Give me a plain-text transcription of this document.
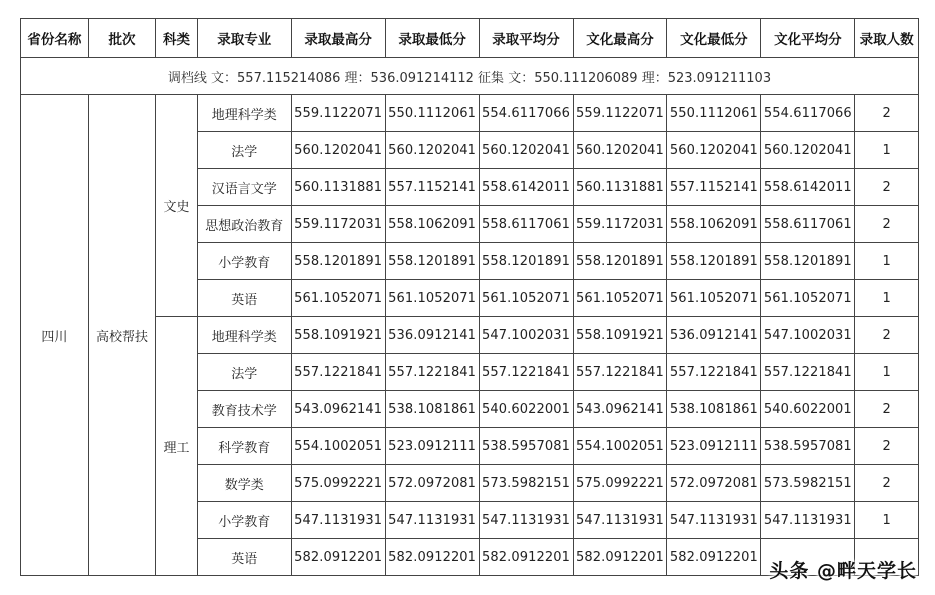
省份名称	批次	科类	录取专业	录取最高分	录取最低分	录取平均分	文化最高分	文化最低分	文化平均分	录取人数
调档线 文：557.115214086 理：536.091214112 征集 文：550.111206089 理：523.091211103										
四川	高校帮扶	文史	地理科学类	559.1122071	550.1112061	554.6117066	559.1122071	550.1112061	554.6117066	2
			法学	560.1202041	560.1202041	560.1202041	560.1202041	560.1202041	560.1202041	1
			汉语言文学	560.1131881	557.1152141	558.6142011	560.1131881	557.1152141	558.6142011	2
			思想政治教育	559.1172031	558.1062091	558.6117061	559.1172031	558.1062091	558.6117061	2
			小学教育	558.1201891	558.1201891	558.1201891	558.1201891	558.1201891	558.1201891	1
			英语	561.1052071	561.1052071	561.1052071	561.1052071	561.1052071	561.1052071	1
		理工	地理科学类	558.1091921	536.0912141	547.1002031	558.1091921	536.0912141	547.1002031	2
			法学	557.1221841	557.1221841	557.1221841	557.1221841	557.1221841	557.1221841	1
			教育技术学	543.0962141	538.1081861	540.6022001	543.0962141	538.1081861	540.6022001	2
			科学教育	554.1002051	523.0912111	538.5957081	554.1002051	523.0912111	538.5957081	2
			数学类	575.0992221	572.0972081	573.5982151	575.0992221	572.0972081	573.5982151	2
			小学教育	547.1131931	547.1131931	547.1131931	547.1131931	547.1131931	547.1131931	1
			英语	582.0912201	582.0912201	582.0912201	582.0912201	582.0912201		
头条 @畔天学长
